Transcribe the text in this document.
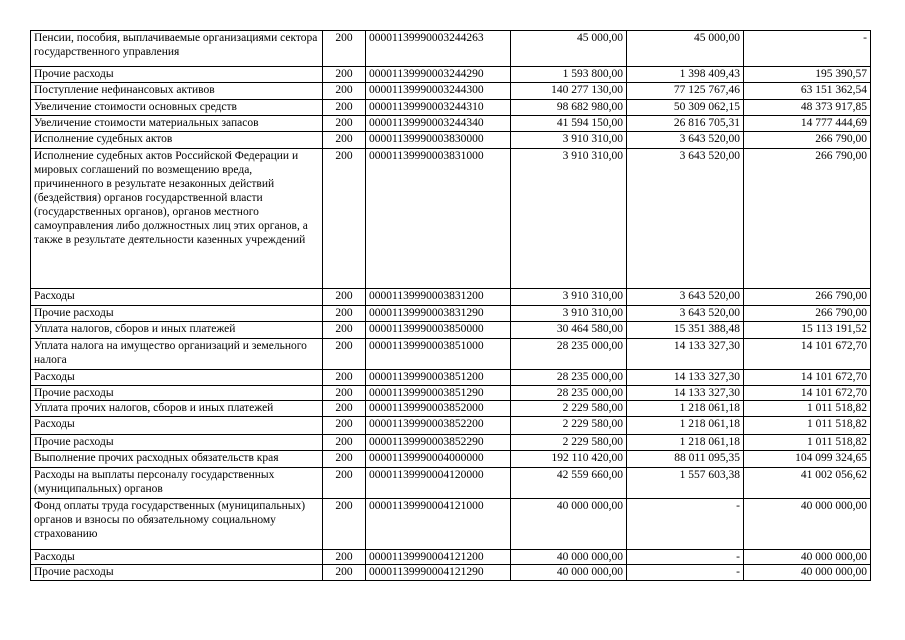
Пенсии, пособия, выплачиваемые организациями сектора государственного управления	200	00001139990003244263	45 000,00	45 000,00	-
Прочие расходы	200	00001139990003244290	1 593 800,00	1 398 409,43	195 390,57
Поступление нефинансовых активов	200	00001139990003244300	140 277 130,00	77 125 767,46	63 151 362,54
Увеличение стоимости основных средств	200	00001139990003244310	98 682 980,00	50 309 062,15	48 373 917,85
Увеличение стоимости материальных запасов	200	00001139990003244340	41 594 150,00	26 816 705,31	14 777 444,69
Исполнение судебных актов	200	00001139990003830000	3 910 310,00	3 643 520,00	266 790,00
Исполнение судебных актов Российской Федерации и мировых соглашений по возмещению вреда, причиненного в результате незаконных действий (бездействия) органов государственной власти (государственных органов), органов местного самоуправления либо должностных лиц этих органов, а также в результате деятельности казенных учреждений	200	00001139990003831000	3 910 310,00	3 643 520,00	266 790,00
Расходы	200	00001139990003831200	3 910 310,00	3 643 520,00	266 790,00
Прочие расходы	200	00001139990003831290	3 910 310,00	3 643 520,00	266 790,00
Уплата налогов, сборов и иных платежей	200	00001139990003850000	30 464 580,00	15 351 388,48	15 113 191,52
Уплата налога на имущество организаций и земельного налога	200	00001139990003851000	28 235 000,00	14 133 327,30	14 101 672,70
Расходы	200	00001139990003851200	28 235 000,00	14 133 327,30	14 101 672,70
Прочие расходы	200	00001139990003851290	28 235 000,00	14 133 327,30	14 101 672,70
Уплата прочих налогов, сборов и иных платежей	200	00001139990003852000	2 229 580,00	1 218 061,18	1 011 518,82
Расходы	200	00001139990003852200	2 229 580,00	1 218 061,18	1 011 518,82
Прочие расходы	200	00001139990003852290	2 229 580,00	1 218 061,18	1 011 518,82
Выполнение прочих расходных обязательств края	200	00001139990004000000	192 110 420,00	88 011 095,35	104 099 324,65
Расходы на выплаты персоналу государственных (муниципальных) органов	200	00001139990004120000	42 559 660,00	1 557 603,38	41 002 056,62
Фонд оплаты труда государственных (муниципальных) органов и взносы по обязательному социальному страхованию	200	00001139990004121000	40 000 000,00	-	40 000 000,00
Расходы	200	00001139990004121200	40 000 000,00	-	40 000 000,00
Прочие расходы	200	00001139990004121290	40 000 000,00	-	40 000 000,00
